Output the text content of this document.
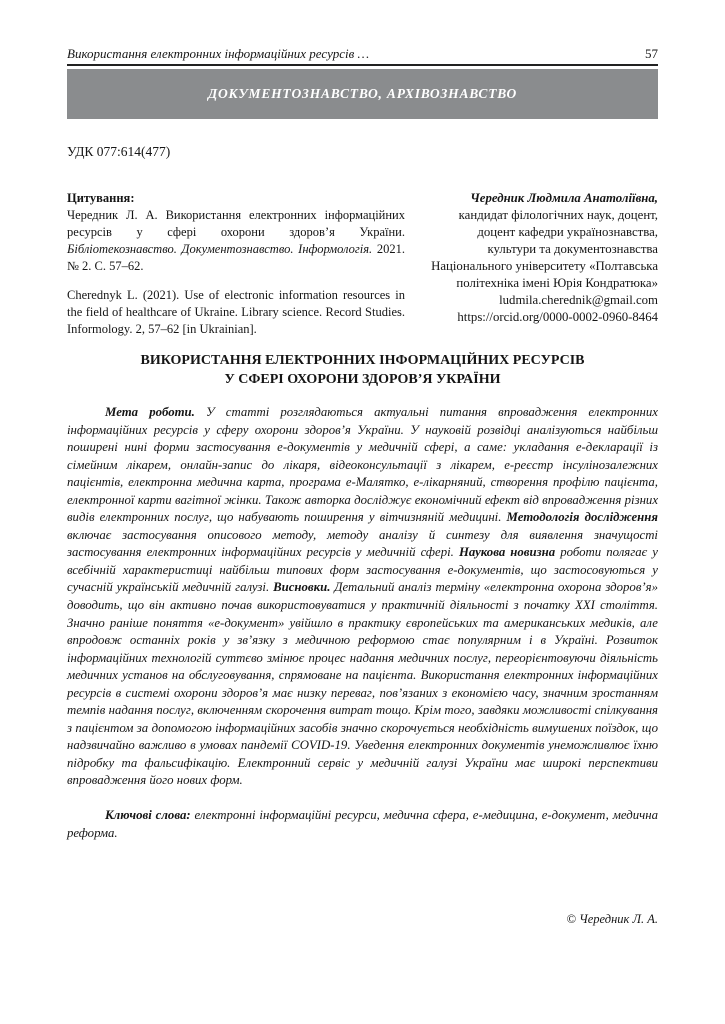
Використання електронних інформаційних ресурсів …	57
ДОКУМЕНТОЗНАВСТВО, АРХІВОЗНАВСТВО
УДК 077:614(477)
Цитування:
Чередник Л. А. Використання електронних інформаційних ресурсів у сфері охорони здоров’я України. Бібліотекознавство. Документознавство. Інформологія. 2021. № 2. С. 57–62.
Cherednyk L. (2021). Use of electronic information resources in the field of healthcare of Ukraine. Library science. Record Studies. Informology. 2, 57–62 [in Ukrainian].
Чередник Людмила Анатоліївна,
кандидат філологічних наук, доцент,
доцент кафедри українознавства,
культури та документознавства
Національного університету «Полтавська
політехніка імені Юрія Кондратюка»
ludmila.cherednik@gmail.com
https://orcid.org/0000-0002-0960-8464
ВИКОРИСТАННЯ ЕЛЕКТРОННИХ ІНФОРМАЦІЙНИХ РЕСУРСІВ
У СФЕРІ ОХОРОНИ ЗДОРОВ’Я УКРАЇНИ

Мета роботи. У статті розглядаються актуальні питання впровадження електронних інформаційних ресурсів у сферу охорони здоров’я України. У науковій розвідці аналізуються найбільш поширені нині форми застосування е-документів у медичній сфері, а саме: укладання е-декларації із сімейним лікарем, онлайн-запис до лікаря, відеоконсультації з лікарем, е-реєстр інсулінозалежних пацієнтів, електронна медична карта, програма е-Малятко, е-лікарняний, створення профілю пацієнта, електронної карти вагітної жінки. Також авторка досліджує економічний ефект від впровадження різних видів електронних послуг, що набувають поширення у вітчизняній медицині. Методологія дослідження включає застосування описового методу, методу аналізу й синтезу для виявлення значущості застосування електронних інформаційних ресурсів у медичній сфері. Наукова новизна роботи полягає у всебічній характеристиці найбільш типових форм застосування е-документів, що застосовуються у сучасній українській медичній галузі. Висновки. Детальний аналіз терміну «електронна охорона здоров’я» доводить, що він активно почав використовуватися у практичній діяльності з початку XXI століття. Значно раніше поняття «е-документ» увійшло в практику європейських та американських медиків, але впродовж останніх років у зв’язку з медичною реформою стає популярним і в Україні. Розвиток інформаційних технологій суттєво змінює процес надання медичних послуг, переорієнтовуючи діяльність медичних установ на обслуговування, спрямоване на пацієнта. Використання електронних інформаційних ресурсів в системі охорони здоров’я має низку переваг, пов’язаних з економією часу, значним зростанням темпів надання послуг, включенням скорочення витрат тощо. Крім того, завдяки можливості спілкування з пацієнтом за допомогою інформаційних засобів значно скорочується необхідність вимушених поїздок, що надзвичайно важливо в умовах пандемії COVID-19. Уведення електронних документів унеможливлює їхню підробку та фальсифікацію. Електронний сервіс у медичній галузі України має широкі перспективи впровадження його нових форм.

Ключові слова: електронні інформаційні ресурси, медична сфера, е-медицина, е-документ, медична реформа.

© Чередник Л. А.
